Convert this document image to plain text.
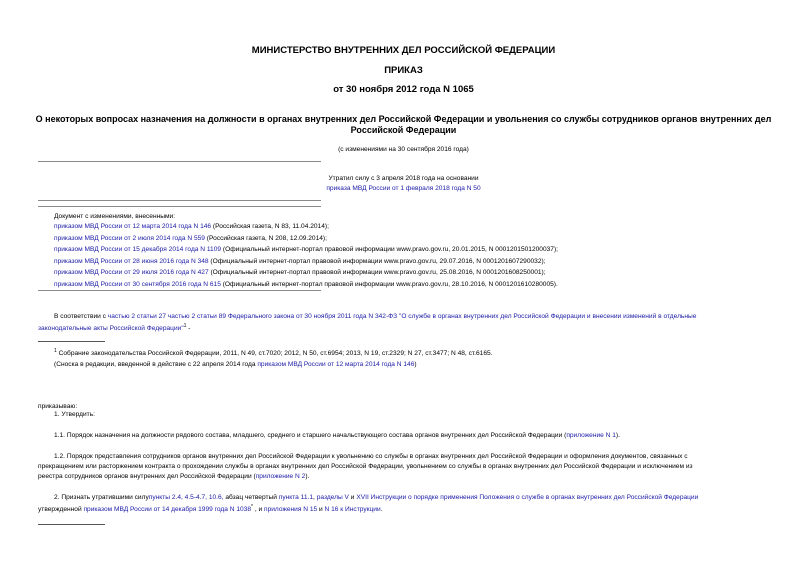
МИНИСТЕРСТВО ВНУТРЕННИХ ДЕЛ РОССИЙСКОЙ ФЕДЕРАЦИИ
ПРИКАЗ
от 30 ноября 2012 года N 1065
О некоторых вопросах назначения на должности в органах внутренних дел Российской Федерации и увольнения со службы сотрудников органов внутренних дел
Российской Федерации
(с изменениями на 30 сентября 2016 года)
Утратил силу с 3 апреля 2018 года на основании
приказа МВД России от 1 февраля 2018 года N 50
Документ с изменениями, внесенными:
приказом МВД России от 12 марта 2014 года N 146 (Российская газета, N 83, 11.04.2014);
приказом МВД России от 2 июля 2014 года N 559 (Российская газета, N 208, 12.09.2014);
приказом МВД России от 15 декабря 2014 года N 1109 (Официальный интернет-портал правовой информации www.pravo.gov.ru, 20.01.2015, N 0001201501200037);
приказом МВД России от 28 июня 2016 года N 348 (Официальный интернет-портал правовой информации www.pravo.gov.ru, 29.07.2016, N 0001201607290032);
приказом МВД России от 29 июля 2016 года N 427 (Официальный интернет-портал правовой информации www.pravo.gov.ru, 25.08.2016, N 0001201608250001);
приказом МВД России от 30 сентября 2016 года N 615 (Официальный интернет-портал правовой информации www.pravo.gov.ru, 28.10.2016, N 0001201610280005).
В соответствии с частью 2 статьи 27 частью 2 статьи 89 Федерального закона от 30 ноября 2011 года N 342-ФЗ "О службе в органах внутренних дел Российской Федерации и внесении изменений в отдельные
законодательные акты Российской Федерации"$^1$ -
$^1$ Собрание законодательства Российской Федерации, 2011, N 49, ст.7020; 2012, N 50, ст.6954; 2013, N 19, ст.2329; N 27, ст.3477; N 48, ст.6165.
(Сноска в редакции, введенной в действие с 22 апреля 2014 года приказом МВД России от 12 марта 2014 года N 146)
приказываю:
1. Утвердить:
1.1. Порядок назначения на должности рядового состава, младшего, среднего и старшего начальствующего состава органов внутренних дел Российской Федерации (приложение N 1).
1.2. Порядок представления сотрудников органов внутренних дел Российской Федерации к увольнению со службы в органах внутренних дел Российской Федерации и оформления документов, связанных с
прекращением или расторжением контракта о прохождении службы в органах внутренних дел Российской Федерации, увольнением со службы в органах внутренних дел Российской Федерации и исключением из
реестра сотрудников органов внутренних дел Российской Федерации (приложение N 2).
2. Признать утратившими силупункты 2.4, 4.5-4.7, 10.6, абзац четвертый пункта 11.1, разделы V и XVII Инструкции о порядке применения Положения о службе в органах внутренних дел Российской Федерации
утвержденной приказом МВД России от 14 декабря 1999 года N 1038* , и приложения N 15 и N 16 к Инструкции.
